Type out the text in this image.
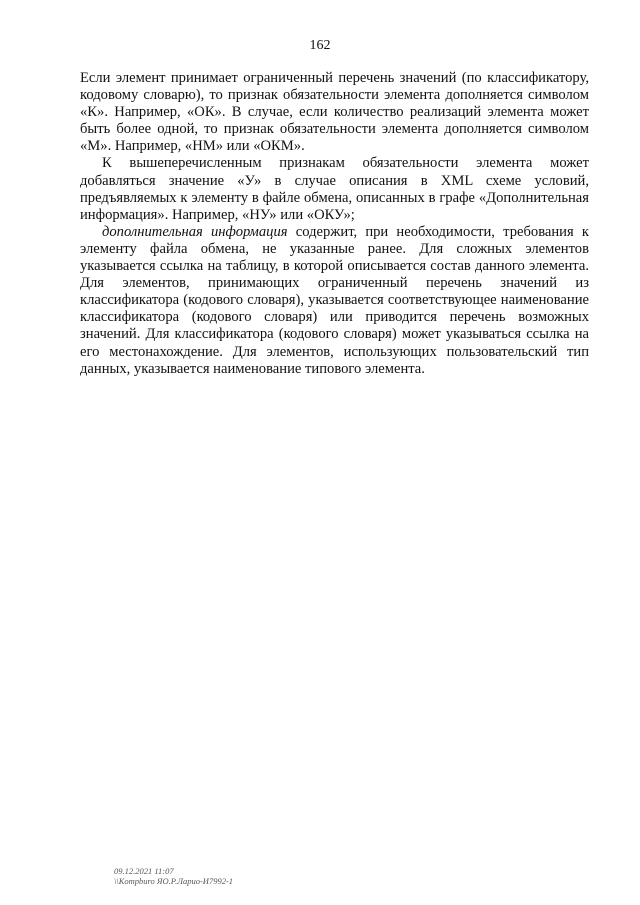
162

Если элемент принимает ограниченный перечень значений (по классификатору, кодовому словарю), то признак обязательности элемента дополняется символом «К». Например, «ОК». В случае, если количество реализаций элемента может быть более одной, то признак обязательности элемента дополняется символом «М». Например, «НМ» или «ОКМ».

К вышеперечисленным признакам обязательности элемента может добавляться значение «У» в случае описания в XML схеме условий, предъявляемых к элементу в файле обмена, описанных в графе «Дополнительная информация». Например, «НУ» или «ОКУ»;

дополнительная информация содержит, при необходимости, требования к элементу файла обмена, не указанные ранее. Для сложных элементов указывается ссылка на таблицу, в которой описывается состав данного элемента. Для элементов, принимающих ограниченный перечень значений из классификатора (кодового словаря), указывается соответствующее наименование классификатора (кодового словаря) или приводится перечень возможных значений. Для классификатора (кодового словаря) может указываться ссылка на его местонахождение. Для элементов, использующих пользовательский тип данных, указывается наименование типового элемента.

09.12.2021 11:07
\\Kompburo ЯО.Р.Ларио-И7992-1
